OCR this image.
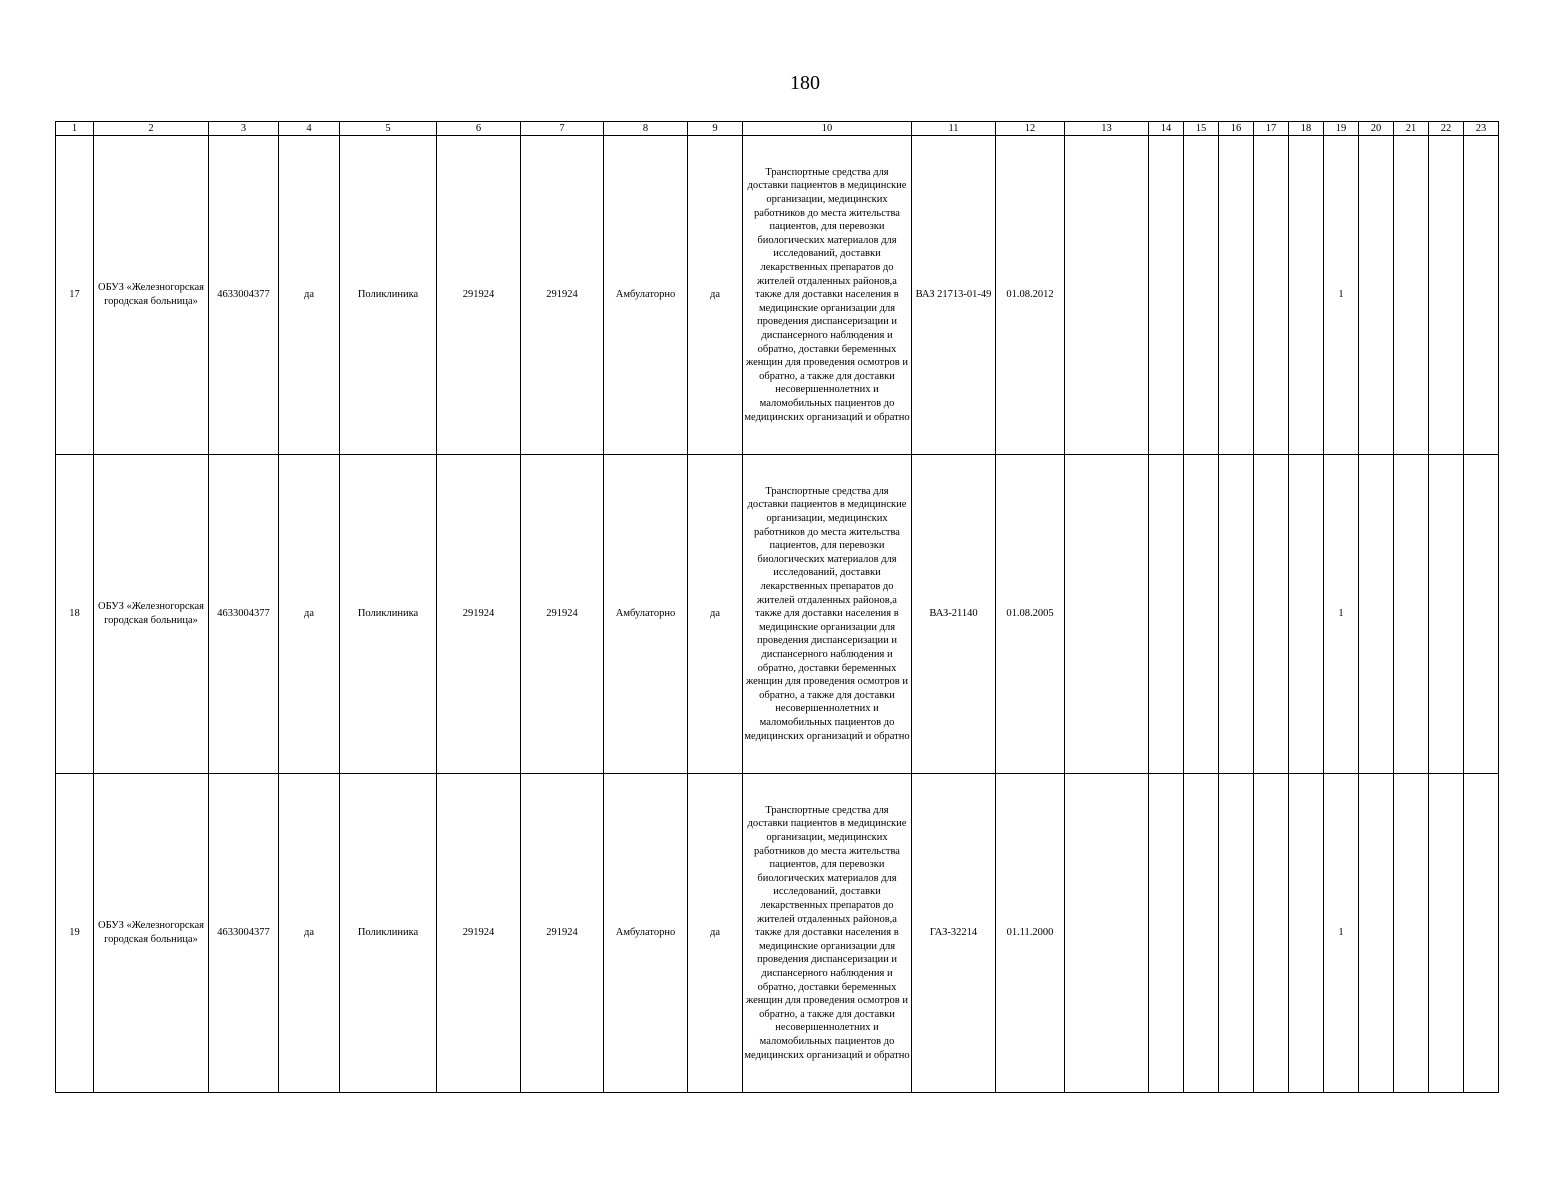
180
1	2	3	4	5	6	7	8	9	10	11	12	13	14	15	16	17	18	19	20	21	22	23
17	ОБУЗ «Железногорская городская больница»	4633004377	да	Поликлиника	291924	291924	Амбулаторно	да	Транспортные средства для доставки пациентов в медицинские организации, медицинских работников до места жительства пациентов, для перевозки биологических материалов для исследований, доставки лекарственных препаратов до жителей отдаленных районов,а также для доставки населения в медицинские организации для проведения диспансеризации и диспансерного наблюдения и обратно, доставки беременных женщин для проведения осмотров и обратно, а также для доставки несовершеннолетних и маломобильных пациентов до медицинских организаций и обратно	ВАЗ 21713-01-49	01.08.2012							1				
18	ОБУЗ «Железногорская городская больница»	4633004377	да	Поликлиника	291924	291924	Амбулаторно	да	Транспортные средства для доставки пациентов в медицинские организации, медицинских работников до места жительства пациентов, для перевозки биологических материалов для исследований, доставки лекарственных препаратов до жителей отдаленных районов,а также для доставки населения в медицинские организации для проведения диспансеризации и диспансерного наблюдения и обратно, доставки беременных женщин для проведения осмотров и обратно, а также для доставки несовершеннолетних и маломобильных пациентов до медицинских организаций и обратно	ВАЗ-21140	01.08.2005							1				
19	ОБУЗ «Железногорская городская больница»	4633004377	да	Поликлиника	291924	291924	Амбулаторно	да	Транспортные средства для доставки пациентов в медицинские организации, медицинских работников до места жительства пациентов, для перевозки биологических материалов для исследований, доставки лекарственных препаратов до жителей отдаленных районов,а также для доставки населения в медицинские организации для проведения диспансеризации и диспансерного наблюдения и обратно, доставки беременных женщин для проведения осмотров и обратно, а также для доставки несовершеннолетних и маломобильных пациентов до медицинских организаций и обратно	ГАЗ-32214	01.11.2000							1				
